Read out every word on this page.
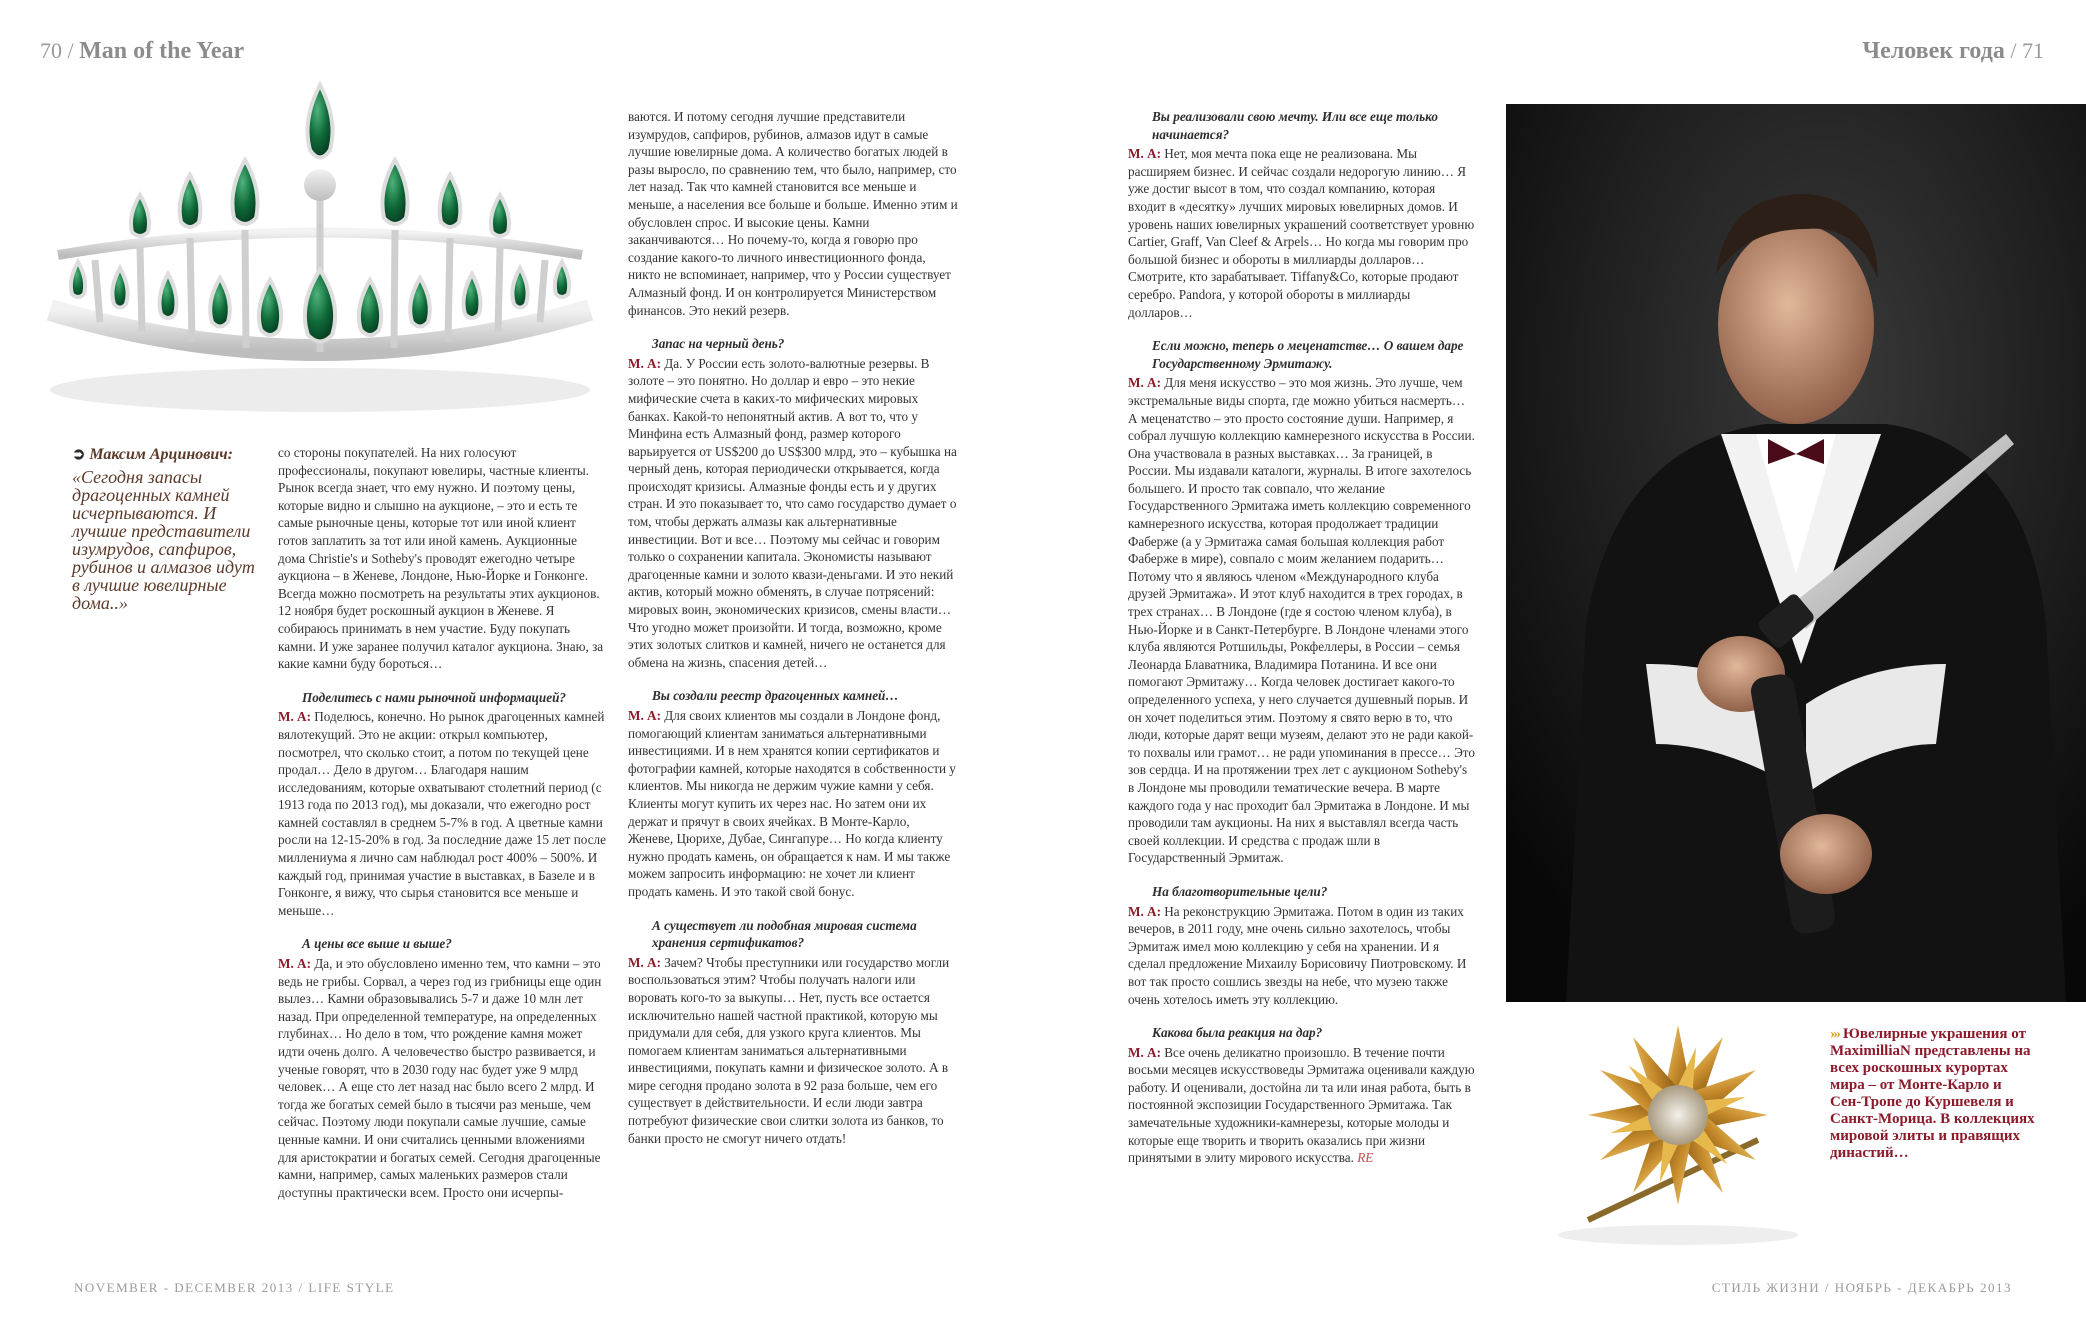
70 / Man of the Year	Человек года / 71
➲ Максим Арцинович:
«Сегодня запасы драгоценных камней исчерпываются. И лучшие представители изумрудов, сапфиров, рубинов и алмазов идут в лучшие ювелирные дома..»

со стороны покупателей. На них голосуют профессионалы, покупают ювелиры, частные клиенты. Рынок всегда знает, что ему нужно. И поэтому цены, которые видно и слышно на аукционе, – это и есть те самые рыночные цены, которые тот или иной клиент готов заплатить за тот или иной камень. Аукционные дома Christie's и Sotheby's проводят ежегодно четыре аукциона – в Женеве, Лондоне, Нью-Йорке и Гонконге. Всегда можно посмотреть на результаты этих аукционов. 12 ноября будет роскошный аукцион в Женеве. Я собираюсь принимать в нем участие. Буду покупать камни. И уже заранее получил каталог аукциона. Знаю, за какие камни буду бороться…

Поделитесь с нами рыночной информацией?

М. А: Поделюсь, конечно. Но рынок драгоценных камней вялотекущий. Это не акции: открыл компьютер, посмотрел, что сколько стоит, а потом по текущей цене продал… Дело в другом… Благодаря нашим исследованиям, которые охватывают столетний период (с 1913 года по 2013 год), мы доказали, что ежегодно рост камней составлял в среднем 5-7% в год. А цветные камни росли на 12-15-20% в год. За последние даже 15 лет после миллениума я лично сам наблюдал рост 400% – 500%. И каждый год, принимая участие в выставках, в Базеле и в Гонконге, я вижу, что сырья становится все меньше и меньше…

А цены все выше и выше?

М. А: Да, и это обусловлено именно тем, что камни – это ведь не грибы. Сорвал, а через год из грибницы еще один вылез… Камни образовывались 5-7 и даже 10 млн лет назад. При определенной температуре, на определенных глубинах… Но дело в том, что рождение камня может идти очень долго. А человечество быстро развивается, и ученые говорят, что в 2030 году нас будет уже 9 млрд человек… А еще сто лет назад нас было всего 2 млрд. И тогда же богатых семей было в тысячи раз меньше, чем сейчас. Поэтому люди покупали самые лучшие, самые ценные камни. И они считались ценными вложениями для аристократии и богатых семей. Сегодня драгоценные камни, например, самых маленьких размеров стали доступны практически всем. Просто они исчерпы-

ваются. И потому сегодня лучшие представители изумрудов, сапфиров, рубинов, алмазов идут в самые лучшие ювелирные дома. А количество богатых людей в разы выросло, по сравнению тем, что было, например, сто лет назад. Так что камней становится все меньше и меньше, а населения все больше и больше. Именно этим и обусловлен спрос. И высокие цены. Камни заканчиваются… Но почему-то, когда я говорю про создание какого-то личного инвестиционного фонда, никто не вспоминает, например, что у России существует Алмазный фонд. И он контролируется Министерством финансов. Это некий резерв.

Запас на черный день?

М. А: Да. У России есть золото-валютные резервы. В золоте – это понятно. Но доллар и евро – это некие мифические счета в каких-то мифических мировых банках. Какой-то непонятный актив. А вот то, что у Минфина есть Алмазный фонд, размер которого варьируется от US$200 до US$300 млрд, это – кубышка на черный день, которая периодически открывается, когда происходят кризисы. Алмазные фонды есть и у других стран. И это показывает то, что само государство думает о том, чтобы держать алмазы как альтернативные инвестиции. Вот и все… Поэтому мы сейчас и говорим только о сохранении капитала. Экономисты называют драгоценные камни и золото квази-деньгами. И это некий актив, который можно обменять, в случае потрясений: мировых воин, экономических кризисов, смены власти… Что угодно может произойти. И тогда, возможно, кроме этих золотых слитков и камней, ничего не останется для обмена на жизнь, спасения детей…

Вы создали реестр драгоценных камней…

М. А: Для своих клиентов мы создали в Лондоне фонд, помогающий клиентам заниматься альтернативными инвестициями. И в нем хранятся копии сертификатов и фотографии камней, которые находятся в собственности у клиентов. Мы никогда не держим чужие камни у себя. Клиенты могут купить их через нас. Но затем они их держат и прячут в своих ячейках. В Монте-Карло, Женеве, Цюрихе, Дубае, Сингапуре… Но когда клиенту нужно продать камень, он обращается к нам. И мы также можем запросить информацию: не хочет ли клиент продать камень. И это такой свой бонус.

А существует ли подобная мировая система хранения сертификатов?

М. А: Зачем? Чтобы преступники или государство могли воспользоваться этим? Чтобы получать налоги или воровать кого-то за выкупы… Нет, пусть все остается исключительно нашей частной практикой, которую мы придумали для себя, для узкого круга клиентов. Мы помогаем клиентам заниматься альтернативными инвестициями, покупать камни и физическое золото. А в мире сегодня продано золота в 92 раза больше, чем его существует в действительности. И если люди завтра потребуют физические свои слитки золота из банков, то банки просто не смогут ничего отдать!

Вы реализовали свою мечту. Или все еще только начинается?

М. А: Нет, моя мечта пока еще не реализована. Мы расширяем бизнес. И сейчас создали недорогую линию… Я уже достиг высот в том, что создал компанию, которая входит в «десятку» лучших мировых ювелирных домов. И уровень наших ювелирных украшений соответствует уровню Cartier, Graff, Van Cleef & Arpels… Но когда мы говорим про большой бизнес и обороты в миллиарды долларов… Смотрите, кто зарабатывает. Tiffany&Co, которые продают серебро. Pandora, у которой обороты в миллиарды долларов…

Если можно, теперь о меценатстве… О вашем даре Государственному Эрмитажу.

М. А: Для меня искусство – это моя жизнь. Это лучше, чем экстремальные виды спорта, где можно убиться насмерть… А меценатство – это просто состояние души. Например, я собрал лучшую коллекцию камнерезного искусства в России. Она участвовала в разных выставках… За границей, в России. Мы издавали каталоги, журналы. В итоге захотелось большего. И просто так совпало, что желание Государственного Эрмитажа иметь коллекцию современного камнерезного искусства, которая продолжает традиции Фаберже (а у Эрмитажа самая большая коллекция работ Фаберже в мире), совпало с моим желанием подарить… Потому что я являюсь членом «Международного клуба друзей Эрмитажа». И этот клуб находится в трех городах, в трех странах… В Лондоне (где я состою членом клуба), в Нью-Йорке и в Санкт-Петербурге. В Лондоне членами этого клуба являются Ротшильды, Рокфеллеры, в России – семья Леонарда Блаватника, Владимира Потанина. И все они помогают Эрмитажу… Когда человек достигает какого-то определенного успеха, у него случается душевный порыв. И он хочет поделиться этим. Поэтому я свято верю в то, что люди, которые дарят вещи музеям, делают это не ради какой-то похвалы или грамот… не ради упоминания в прессе… Это зов сердца. И на протяжении трех лет с аукционом Sotheby's в Лондоне мы проводили тематические вечера. В марте каждого года у нас проходит бал Эрмитажа в Лондоне. И мы проводили там аукционы. На них я выставлял всегда часть своей коллекции. И средства с продаж шли в Государственный Эрмитаж.

На благотворительные цели?

М. А: На реконструкцию Эрмитажа. Потом в один из таких вечеров, в 2011 году, мне очень сильно захотелось, чтобы Эрмитаж имел мою коллекцию у себя на хранении. И я сделал предложение Михаилу Борисовичу Пиотровскому. И вот так просто сошлись звезды на небе, что музею также очень хотелось иметь эту коллекцию.

Какова была реакция на дар?

М. А: Все очень деликатно произошло. В течение почти восьми месяцев искусствоведы Эрмитажа оценивали каждую работу. И оценивали, достойна ли та или иная работа, быть в постоянной экспозиции Государственного Эрмитажа. Так замечательные художники-камнерезы, которые молоды и которые еще творить и творить оказались при жизни принятыми в элиту мирового искусства. RE

››› Ювелирные украшения от MaximilliaN представлены на всех роскошных курортах мира – от Монте-Карло и Сен-Тропе до Куршевеля и Санкт-Морица. В коллекциях мировой элиты и правящих династий…
NOVEMBER - DECEMBER 2013 / LIFE STYLE	СТИЛЬ ЖИЗНИ / НОЯБРЬ - ДЕКАБРЬ 2013
